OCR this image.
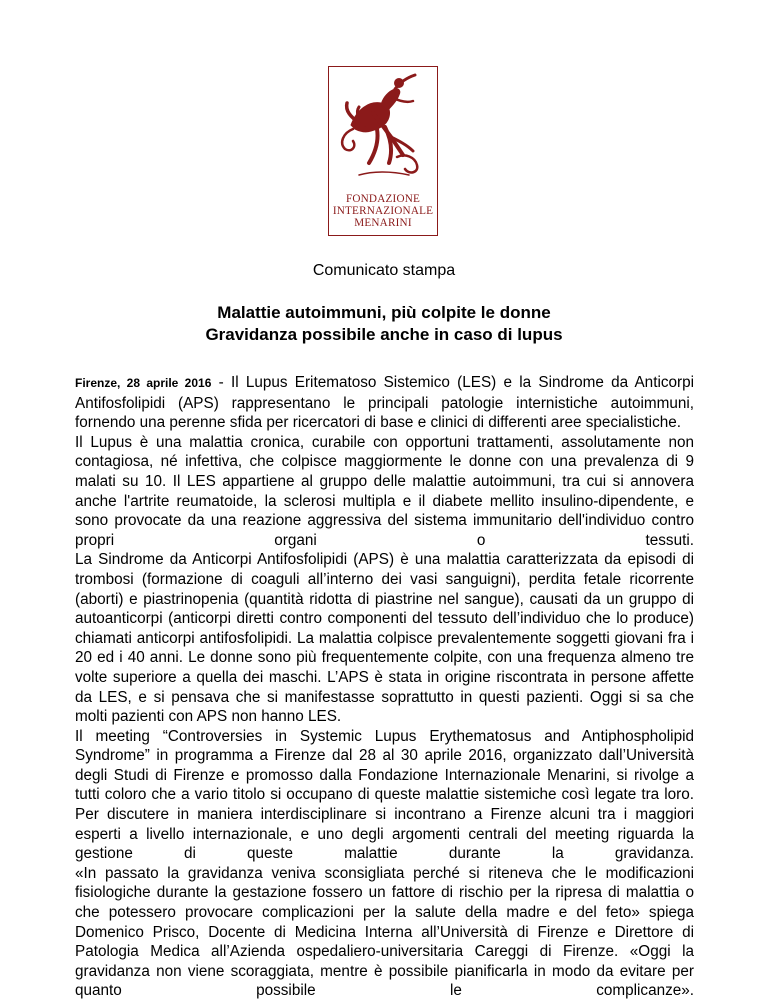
FONDAZIONE
INTERNAZIONALE
MENARINI
Comunicato stampa
Malattie autoimmuni, più colpite le donne
Gravidanza possibile anche in caso di lupus

Firenze, 28 aprile 2016 - Il Lupus Eritematoso Sistemico (LES) e la Sindrome da Anticorpi Antifosfolipidi (APS) rappresentano le principali patologie internistiche autoimmuni, fornendo una perenne sfida per ricercatori di base e clinici di differenti aree specialistiche.

Il Lupus è una malattia cronica, curabile con opportuni trattamenti, assolutamente non contagiosa, né infettiva, che colpisce maggiormente le donne con una prevalenza di 9 malati su 10. Il LES appartiene al gruppo delle malattie autoimmuni, tra cui si annovera anche l'artrite reumatoide, la sclerosi multipla e il diabete mellito insulino-dipendente, e sono provocate da una reazione aggressiva del sistema immunitario dell'individuo contro propri organi o tessuti.

La Sindrome da Anticorpi Antifosfolipidi (APS) è una malattia caratterizzata da episodi di trombosi (formazione di coaguli all’interno dei vasi sanguigni), perdita fetale ricorrente (aborti) e piastrinopenia (quantità ridotta di piastrine nel sangue), causati da un gruppo di autoanticorpi (anticorpi diretti contro componenti del tessuto dell’individuo che lo produce) chiamati anticorpi antifosfolipidi. La malattia colpisce prevalentemente soggetti giovani fra i 20 ed i 40 anni. Le donne sono più frequentemente colpite, con una frequenza almeno tre volte superiore a quella dei maschi. L’APS è stata in origine riscontrata in persone affette da LES, e si pensava che si manifestasse soprattutto in questi pazienti. Oggi si sa che molti pazienti con APS non hanno LES.

Il meeting “Controversies in Systemic Lupus Erythematosus and Antiphospholipid Syndrome” in programma a Firenze dal 28 al 30 aprile 2016, organizzato dall’Università degli Studi di Firenze e promosso dalla Fondazione Internazionale Menarini, si rivolge a tutti coloro che a vario titolo si occupano di queste malattie sistemiche così legate tra loro. Per discutere in maniera interdisciplinare si incontrano a Firenze alcuni tra i maggiori esperti a livello internazionale, e uno degli argomenti centrali del meeting riguarda la gestione di queste malattie durante la gravidanza.

«In passato la gravidanza veniva sconsigliata perché si riteneva che le modificazioni fisiologiche durante la gestazione fossero un fattore di rischio per la ripresa di malattia o che potessero provocare complicazioni per la salute della madre e del feto» spiega Domenico Prisco, Docente di Medicina Interna all’Università di Firenze e Direttore di Patologia Medica all’Azienda ospedaliero-universitaria Careggi di Firenze. «Oggi la gravidanza non viene scoraggiata, mentre è possibile pianificarla in modo da evitare per quanto possibile le complicanze».
